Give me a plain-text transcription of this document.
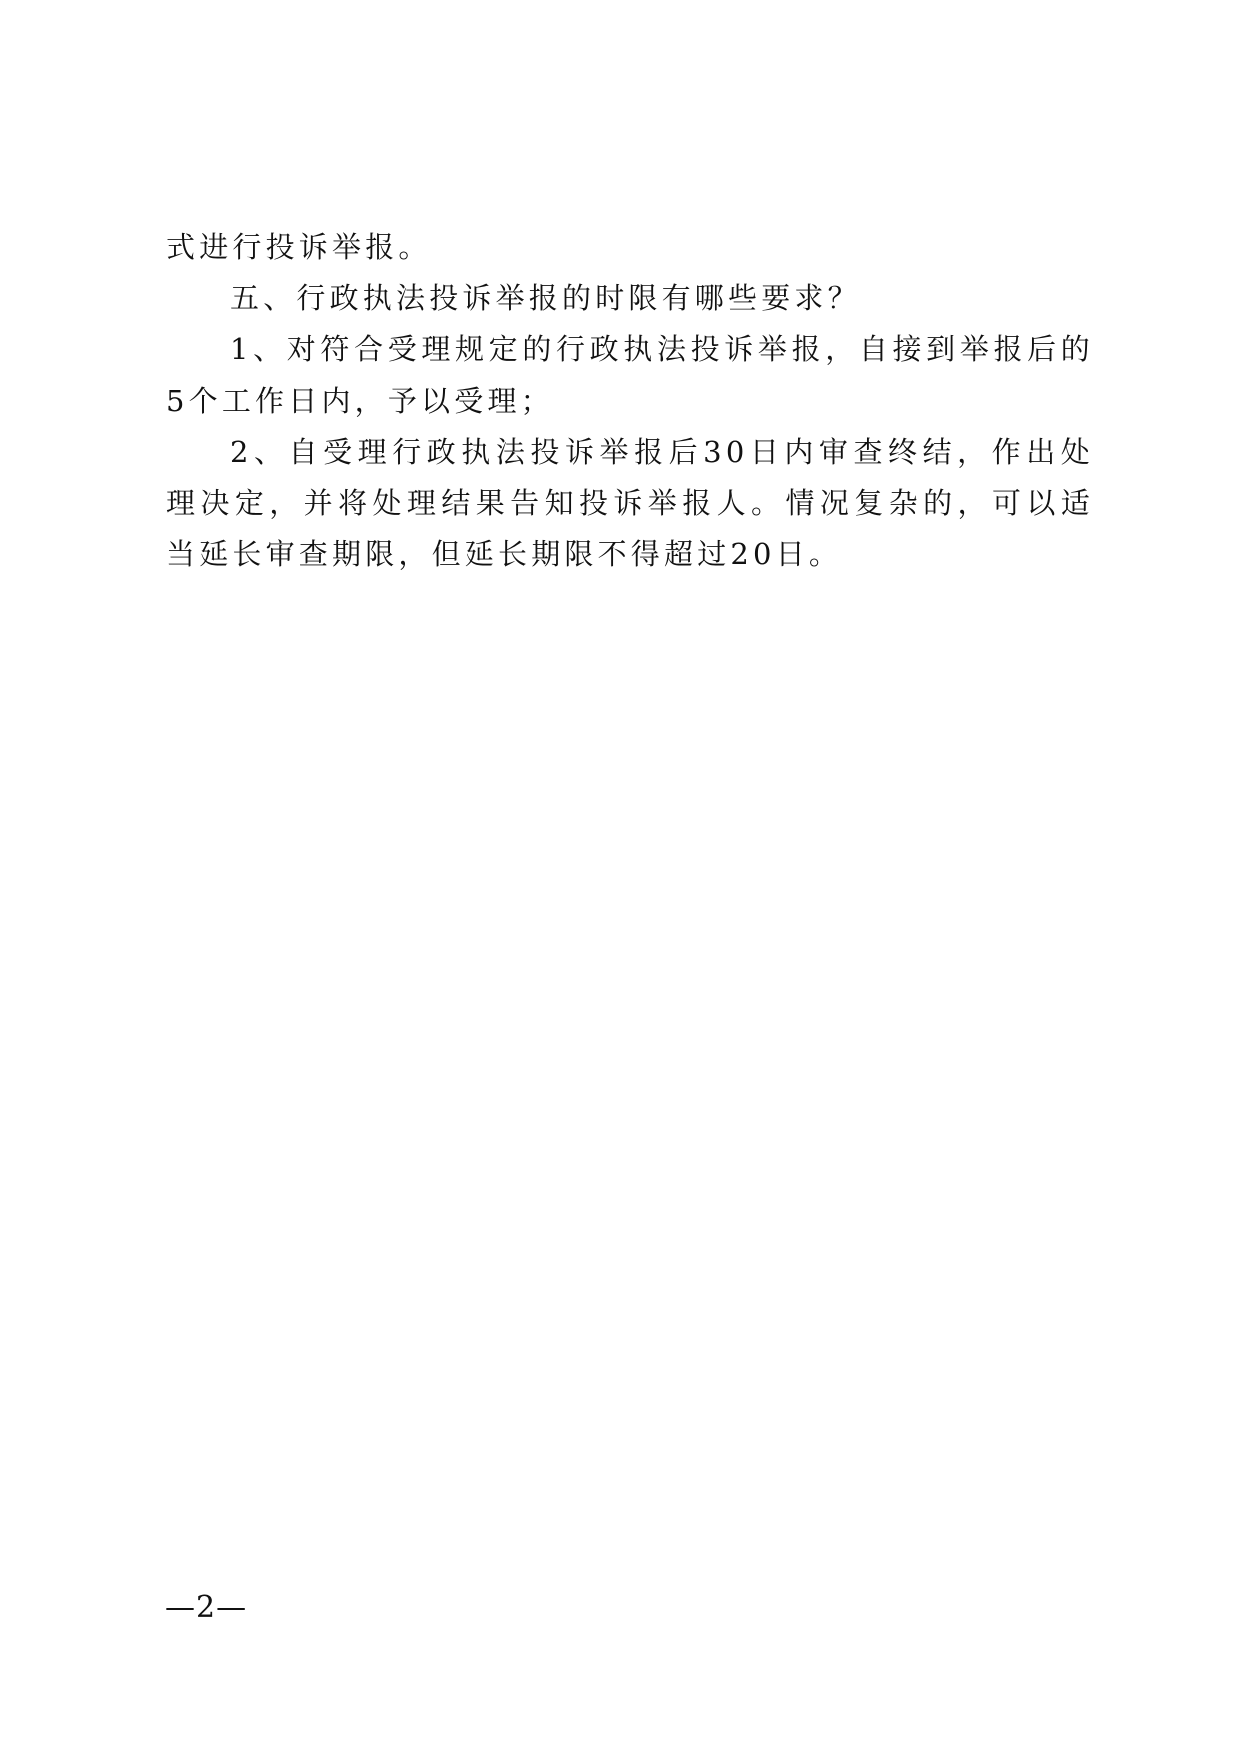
式进行投诉举报。

五、行政执法投诉举报的时限有哪些要求？

1、对符合受理规定的行政执法投诉举报，自接到举报后的5个工作日内，予以受理；

2、自受理行政执法投诉举报后30日内审查终结，作出处理决定，并将处理结果告知投诉举报人。情况复杂的，可以适当延长审查期限，但延长期限不得超过20日。

—2—
